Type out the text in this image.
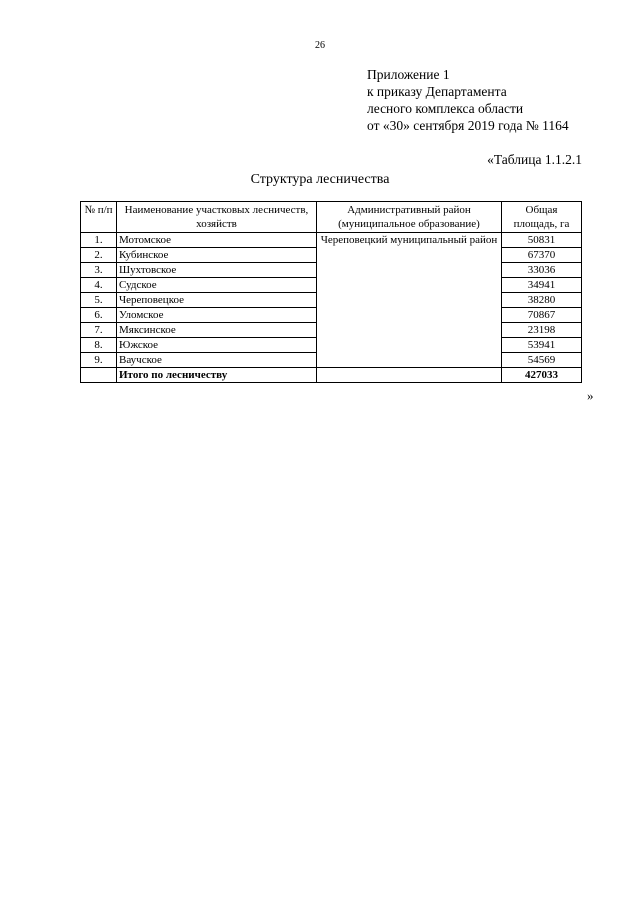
26
Приложение 1
к приказу Департамента
лесного комплекса области
от «30» сентября 2019 года № 1164
«Таблица 1.1.2.1
Структура лесничества
№ п/п	Наименование участковых лесничеств, хозяйств	Административный район (муниципальное образование)	Общая площадь, га
1.	Мотомское	Череповецкий муниципальный район	50831
2.	Кубинское		67370
3.	Шухтовское		33036
4.	Судское		34941
5.	Череповецкое		38280
6.	Уломское		70867
7.	Мяксинское		23198
8.	Южское		53941
9.	Ваучское		54569
	Итого по лесничеству		427033
»
